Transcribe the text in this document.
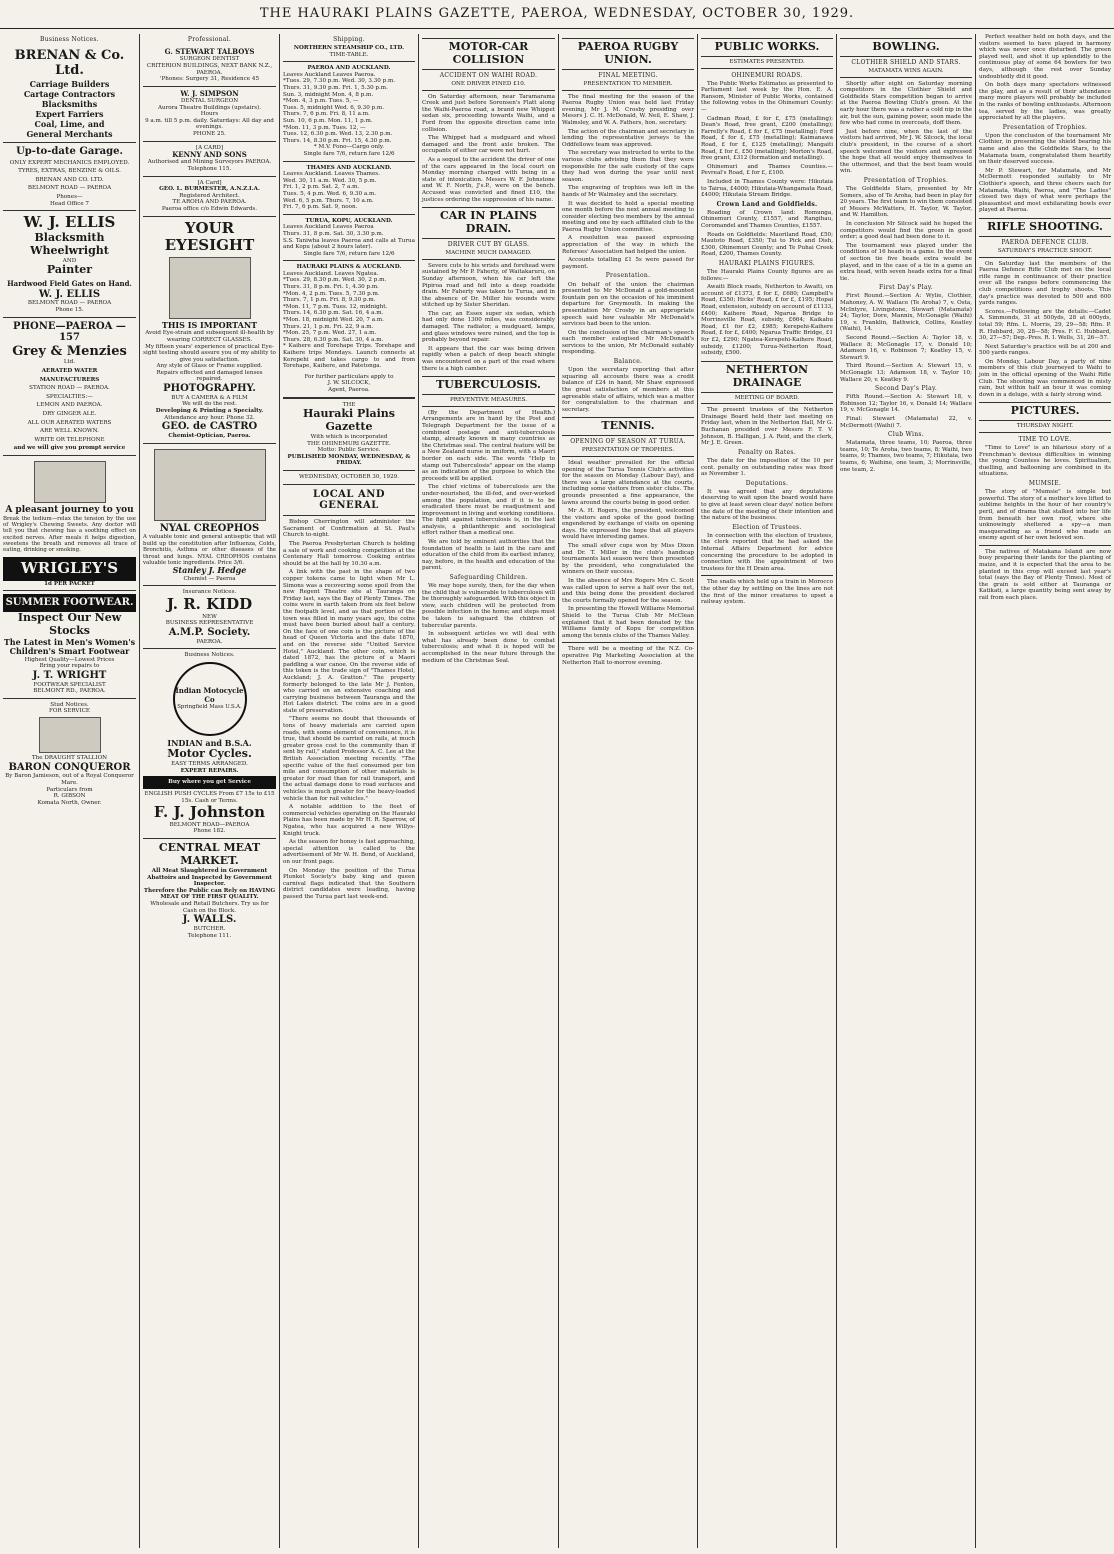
THE HAURAKI PLAINS GAZETTE, PAEROA, WEDNESDAY, OCTOBER 30, 1929.
Business Notices.
BRENAN & Co. Ltd.
Carriage Builders
Cartage Contractors
Blacksmiths
Expert Farriers
Coal, Lime, and
General Merchants
Up-to-date Garage.
ONLY EXPERT MECHANICS EMPLOYED.
TYRES, EXTRAS, BENZINE & OILS.
BRENAN AND CO. LTD.
BELMONT ROAD — PAEROA
Phones—
Head Office 7
W. J. ELLIS
Blacksmith
Wheelwright
AND
Painter
Hardwood Field Gates on Hand.
W. J. ELLIS
BELMONT ROAD — PAEROA
Phone 15.
PHONE—PAEROA —157
Grey & Menzies
Ltd.
AERATED WATER
MANUFACTURERS
STATION ROAD — PAEROA.
SPECIALTIES:—
LEMON AND PAEROA.
DRY GINGER ALE.
ALL OUR AERATED WATERS
ARE WELL KNOWN.
WRITE OR TELEPHONE
and we will give you prompt service
A pleasant journey to you
Break the tedium—relax the tension by the use of Wrigley's Chewing Sweets. Any doctor will tell you that chewing has a soothing effect on excited nerves. After meals it helps digestion, sweetens the breath and removes all trace of eating, drinking or smoking.
WRIGLEY'S
1d PER PACKET
SUMMER FOOTWEAR.
Inspect Our New Stocks
The Latest in Men's Women's Children's Smart Footwear
Highest Quality—Lowest Prices
Bring your repairs to
J. T. WRIGHT
FOOTWEAR SPECIALIST
BELMONT RD., PAEROA.
Stud Notices.
FOR SERVICE
The DRAUGHT STALLION
BARON CONQUEROR
By Baron Jamieson, out of a Royal Conqueror Mare.
Particulars from
R. GIBSON
Komata North, Owner.
Professional.
G. STEWART TALBOYS
SURGEON DENTIST
CRITERION BUILDINGS, NEXT BANK N.Z., PAEROA.
'Phones: Surgery 31, Residence 45
W. J. SIMPSON
DENTAL SURGEON
Aurora Theatre Buildings (upstairs).
Hours
9 a.m. till 5 p.m. daily. Saturdays: All day and evenings.
PHONE 25.
[A CARD]
KENNY AND SONS
Authorised and Mining Surveyors PAEROA.
Telephone 115.
[A Card]
GEO. L. BURMESTER, A.N.Z.I.A.
Registered Architect.
TE AROHA AND PAEROA.
Paeroa office c/o Edwin Edwards.
YOUR EYESIGHT
THIS IS IMPORTANT
Avoid Eye-strain and subsequent ill-health by wearing CORRECT GLASSES.
My fifteen years' experience of practical Eye-sight testing should assure you of my ability to give you satisfaction.
Any style of Glass or Frame supplied.
Repairs effected and damaged lenses repaired.
PHOTOGRAPHY.
BUY A CAMERA & A FILM
We will do the rest.
Developing & Printing a Specialty.
Attendance any hour. Phone 32.
GEO. de CASTRO
Chemist-Optician, Paeroa.
NYAL CREOPHOS
A valuable tonic and general antiseptic that will build up the constitution after Influenza, Colds, Bronchitis, Asthma or other diseases of the throat and lungs. NYAL CREOPHOS contains valuable tonic ingredients. Price 3/6.
Stanley J. Hedge
Chemist — Paeroa
Insurance Notices.
J. R. KIDD
NEW
BUSINESS REPRESENTATIVE
A.M.P. Society.
PAEROA.
Business Notices.
Indian Motocycle Co
Springfield Mass U.S.A.
INDIAN and B.S.A.
Motor Cycles.
EASY TERMS ARRANGED.
EXPERT REPAIRS.
Buy where you get Service
ENGLISH PUSH CYCLES From £7 15s to £15 15s. Cash or Terms.
F. J. Johnston
BELMONT ROAD—PAEROA
Phone 182.
CENTRAL MEAT MARKET.
All Meat Slaughtered in Government Abattoirs and Inspected by Government Inspector.
Therefore the Public can Rely on HAVING MEAT OF THE FIRST QUALITY.
Wholesale and Retail Butchers. Try us for Cash on the Block.
J. WALLS.
BUTCHER.
Telephone 111.
Shipping.
NORTHERN STEAMSHIP CO., LTD.
TIME-TABLE.
PAEROA AND AUCKLAND.
Leaves Auckland Leaves Paeroa.
*Tues. 29, 7.30 p.m. Wed. 30, 3.30 p.m.
Thurs. 31, 9.30 p.m. Fri. 1, 5.30 p.m.
Sun. 3, midnight Mon. 4, 8 p.m.
*Mon. 4, 3 p.m. Tues. 5, —
Tues. 5, midnight Wed. 6, 9.30 p.m.
Thurs. 7, 6 p.m. Fri. 8, 11 a.m.
Sun. 10, 6 p.m. Mon. 11, 1 p.m.
*Mon. 11, 3 p.m. Tues. 12, —
Tues. 12, 6.30 p.m. Wed. 13, 2.30 p.m.
Thurs. 14, 8.30 p.m. Fri. 15, 4.30 p.m.
* M.V. Fono—Cargo only.
Single fare 7/6, return fare 12/6
THAMES AND AUCKLAND.
Leaves Auckland. Leaves Thames.
Wed. 30, 11 a.m. Wed. 30, 5 p.m.
Fri. 1, 2 p.m. Sat. 2, 7 a.m.
Tues. 5, 4 p.m. Wed. 6, 9.30 a.m.
Wed. 6, 5 p.m. Thurs. 7, 10 a.m.
Fri. 7, 6 p.m. Sat. 9, noon.
TURUA, KOPU, AUCKLAND.
Leaves Auckland Leaves Paeroa
Thurs. 31, 8 p.m. Sat. 30, 3.30 p.m.
S.S. Taniwha leaves Paeroa and calls at Turua and Kopu (about 2 hours later).
Single fare 7/6, return fare 12/6
HAURAKI PLAINS & AUCKLAND.
Leaves Auckland. Leaves Ngatea.
*Tues. 29, 8.30 p.m. Wed. 30, 2 p.m.
Thurs. 31, 8 p.m. Fri. 1, 4.30 p.m.
*Mon. 4, 2 p.m. Tues. 5, 7.30 p.m.
Thurs. 7, 1 p.m. Fri. 8, 9.30 p.m.
*Mon. 11, 7 p.m. Tues. 12, midnight.
Thurs. 14, 6.30 p.m. Sat. 16, 4 a.m.
*Mon. 18, midnight Wed. 20, 7 a.m.
Thurs. 21, 1 p.m. Fri. 22, 9 a.m.
*Mon. 25, 7 p.m. Wed. 27, 1 a.m.
Thurs. 28, 6.30 p.m. Sat. 30, 4 a.m.
* Kaihere and Torehape Trips. Torehape and Kaihere trips Mondays. Launch connects at Kerepehi and takes cargo to and from Torehape, Kaihere, and Patetonga.
For further particulars apply to
J. W. SILCOCK,
Agent, Paeroa.
THE
Hauraki Plains Gazette
With which is incorporated
THE OHINEMURI GAZETTE.
Motto: Public Service.
PUBLISHED MONDAY, WEDNESDAY, & FRIDAY.
WEDNESDAY, OCTOBER 30, 1929.
LOCAL AND GENERAL

Bishop Cherrington will administer the Sacrament of Confirmation at St. Paul's Church to-night.

The Paeroa Presbyterian Church is holding a sale of work and cooking competition at the Centenary Hall tomorrow. Cooking entries should be at the hall by 10.30 a.m.

A link with the past in the shape of two copper tokens came to light when Mr L. Simons was a recovering some spoil from the new Regent Theatre site at Tauranga on Friday last, says the Bay of Plenty Times. The coins were in earth taken from six feet below the footpath level, and as that portion of the town was filled in many years ago, the coins must have been buried about half a century. On the face of one coin is the picture of the head of Queen Victoria and the date 1870, and on the reverse side "United Service Hotel," Auckland. The other coin, which is dated 1872, has the picture of a Maori paddling a war canoe. On the reverse side of this token is the trade sign of "Thames Hotel, Auckland; J. A. Gratton." The property formerly belonged to the late Mr J. Fenton, who carried on an extensive coaching and carrying business between Tauranga and the Hot Lakes district. The coins are in a good state of preservation.

"There seems no doubt that thousands of tons of heavy materials are carried upon roads, with some element of convenience, it is true, that should be carried on rails, at much greater gross cost to the community than if sent by rail," stated Professor A. C. Lee at the British Association meeting recently. "The specific value of the fuel consumed per ton mile and consumption of other materials is greater for road than for rail transport, and the actual damage done to road surfaces and vehicles is much greater for the heavy-loaded vehicle than for rail vehicles."

A notable addition to the fleet of commercial vehicles operating on the Hauraki Plains has been made by Mr H. R. Sparrow, of Ngatea, who has acquired a new Willys-Knight truck.

As the season for honey is fast approaching, special attention is called to the advertisement of Mr W. H. Bond, of Auckland, on our front page.

On Monday the position of the Turua Plunket Society's baby king and queen carnival flags indicated that the Southern district candidates were leading, having passed the Turua part last week-end.

MOTOR-CAR COLLISION
ACCIDENT ON WAIHI ROAD.
ONE DRIVER FINED £10.

On Saturday afternoon, near Taramarama Creek and just before Sorensen's Flatt along the Waihi-Paeroa road, a brand new Whippet sedan six, proceeding towards Waihi, and a Ford from the opposite direction came into collision.

The Whippet had a mudguard and wheel damaged and the front axle broken. The occupants of either car were not hurt.

As a sequel to the accident the driver of one of the cars appeared in the local court on Monday morning charged with being in a state of intoxication. Messrs W. F. Johnstone and W. F. North, J's.P., were on the bench. Accused was convicted and fined £10, the justices ordering the suppression of his name.

CAR IN PLAINS DRAIN.
DRIVER CUT BY GLASS.
MACHINE MUCH DAMAGED.

Severe cuts to his wrists and forehead were sustained by Mr P. Faherty, of Waitakaruru, on Sunday afternoon, when his car left the Pipiroa road and fell into a deep roadside drain. Mr Faherty was taken to Turua, and in the absence of Dr. Miller his wounds were stitched up by Sister Sheridan.

The car, an Essex super six sedan, which had only done 1300 miles, was considerably damaged. The radiator, a mudguard, lamps, and glass windows were ruined, and the top is probably beyond repair.

It appears that the car was being driven rapidly when a patch of deep beach shingle was encountered on a part of the road where there is a high camber.

TUBERCULOSIS.
PREVENTIVE MEASURES.

(By the Department of Health.) Arrangements are in hand by the Post and Telegraph Department for the issue of a combined postage and anti-tuberculosis stamp, already known in many countries as the Christmas seal. The central feature will be a New Zealand nurse in uniform, with a Maori border on each side. The words "Help to stamp out Tuberculosis" appear on the stamp as an indication of the purpose to which the proceeds will be applied.

The chief victims of tuberculosis are the under-nourished, the ill-fed, and over-worked among the population, and if it is to be eradicated there must be readjustment and improvement in living and working conditions. The fight against tuberculosis is, in the last analysis, a philanthropic and sociological effort rather than a medical one.

We are told by eminent authorities that the foundation of health is laid in the care and education of the child from its earliest infancy, nay, before, in the health and education of the parent.

Safeguarding Children.

We may hope surely, then, for the day when the child that is vulnerable to tuberculosis will be thoroughly safeguarded. With this object in view, such children will be protected from possible infection in the home; and steps must be taken to safeguard the children of tubercular parents.

In subsequent articles we will deal with what has already been done to combat tuberculosis; and what it is hoped will be accomplished in the near future through the medium of the Christmas Seal.

PAEROA RUGBY UNION.
FINAL MEETING.
PRESENTATION TO MEMBER.

The final meeting for the season of the Paeroa Rugby Union was held last Friday evening, Mr J. M. Crosby presiding over Messrs J. C. H. McDonald, W. Neil, E. Shaw, J. Walmsley, and W. A. Fathers, hon. secretary.

The action of the chairman and secretary in lending the representative jerseys to the Oddfellows team was approved.

The secretary was instructed to write to the various clubs advising them that they were responsible for the safe custody of the caps they had won during the year until next season.

The engraving of trophies was left in the hands of Mr Walmsley and the secretary.

It was decided to hold a special meeting one month before the next annual meeting to consider electing two members by the annual meeting and one by each affiliated club to the Paeroa Rugby Union committee.

A resolution was passed expressing appreciation of the way in which the Referees' Association had helped the union.

Accounts totalling £1 5s were passed for payment.

Presentation.

On behalf of the union the chairman presented to Mr McDonald a gold-mounted fountain pen on the occasion of his imminent departure for Greymouth. In making the presentation Mr Crosby in an appropriate speech said how valuable Mr McDonald's services had been to the union.

On the conclusion of the chairman's speech each member eulogised Mr McDonald's services to the union, Mr McDonald suitably responding.

Balance.

Upon the secretary reporting that after squaring all accounts there was a credit balance of £24 in hand, Mr Shaw expressed the great satisfaction of members at this agreeable state of affairs, which was a matter for congratulation to the chairman and secretary.

TENNIS.
OPENING OF SEASON AT TURUA.
PRESENTATION OF TROPHIES.

Ideal weather prevailed for the official opening of the Turua Tennis Club's activities for the season on Monday (Labour Day), and there was a large attendance at the courts, including some visitors from sister clubs. The grounds presented a fine appearance, the lawns around the courts being in good order.

Mr A. H. Rogers, the president, welcomed the visitors and spoke of the good feeling engendered by exchange of visits on opening days. He expressed the hope that all players would have interesting games.

The small silver cups won by Miss Dixon and Dr. T. Miller in the club's handicap tournaments last season were then presented by the president, who congratulated the winners on their success.

In the absence of Mrs Rogers Mrs C. Scott was called upon to serve a half over the net, and this being done the president declared the courts formally opened for the season.

In presenting the Howell Williams Memorial Shield to the Turua Club Mr McClean explained that it had been donated by the Williams family of Kopu for competition among the tennis clubs of the Thames Valley.

There will be a meeting of the N.Z. Co-operative Pig Marketing Association at the Netherton Hall to-morrow evening.

PUBLIC WORKS.
ESTIMATES PRESENTED.
OHINEMURI ROADS.

The Public Works Estimates as presented to Parliament last week by the Hon. E. A. Ransom, Minister of Public Works, contained the following votes in the Ohinemuri County:—

Cadman Road, £ for £, £75 (metalling); Dean's Road, free grant, £200 (metalling); Farrelly's Road, £ for £, £75 (metalling); Ford Road, £ for £, £75 (metalling); Kaimanawa Road, £ for £, £125 (metalling); Mangaiti Road, £ for £, £50 (metalling); Morton's Road, free grant, £312 (formation and metalling).

Ohinemuri and Thames Counties.—Pevreal's Road, £ for £, £100.

Included in Thames County were: Hikutaia to Tairua, £4000; Hikutaia-Whangamata Road, £4000; Hikutaia Stream Bridge.

Crown Land and Goldfields.

Roading of Crown land: Romunga, Ohinemuri County, £1557, and Rangihau, Coromandel and Thames Counties, £1557.

Roads on Goldfields: Maoriland Road, £50; Mautoto Road, £350; Tui to Pick and Dish, £300, Ohinemuri County; and Te Puhai Creek Road, £200, Thames County.

HAURAKI PLAINS FIGURES.

The Hauraki Plains County figures are as follows:—

Awaiti Block roads, Netherton to Awaiti, on account of £1373, £ for £, £680; Campbell's Road, £350; Hicks' Road, £ for £, £195; Hopai Road, extension, subsidy on account of £1133, £400; Kaihere Road, Ngarua Bridge to Morrinsville Road, subsidy, £664; Kaikahu Road, £1 for £2, £985; Kerepehi-Kaihere Road, £ for £, £400; Ngarua Traffic Bridge, £1 for £2, £290; Ngatea-Kerepehi-Kaihere Road, subsidy, £1200; Turua-Netherton Road, subsidy, £500.

NETHERTON DRAINAGE
MEETING OF BOARD.

The present trustees of the Netherton Drainage Board held their last meeting on Friday last, when in the Netherton Hall, Mr G. Buchanan presided over Messrs F. T. V. Johnson, B. Halligan, J. A. Reid, and the clerk, Mr J. E. Green.

Penalty on Rates.

The date for the imposition of the 10 per cent. penalty on outstanding rates was fixed as November 1.

Deputations.

It was agreed that any deputations deserving to wait upon the board would have to give at least seven clear days' notice before the date of the meeting of their intention and the nature of the business.

Election of Trustees.

In connection with the election of trustees, the clerk reported that he had asked the Internal Affairs Department for advice concerning the procedure to be adopted in connection with the appointment of two trustees for the H Drain area.

The snails which held up a train in Morocco the other day by settling on the lines are not the first of the minor creatures to upset a railway system.

BOWLING.
CLOTHIER SHIELD AND STARS.
MATAMATA WINS AGAIN.

Shortly after eight on Saturday morning competitors in the Clothier Shield and Goldfields Stars competition began to arrive at the Paeroa Bowling Club's green. At the early hour there was a rather a cold nip in the air, but the sun, gaining power, soon made the few who had come in overcoats, doff them.

Just before nine, when the last of the visitors had arrived, Mr J. W. Silcock, the local club's president, in the course of a short speech welcomed the visitors and expressed the hope that all would enjoy themselves to the uttermost, and that the best team would win.

Presentation of Trophies.

The Goldfields Stars, presented by Mr Somers, also of Te Aroha, had been in play for 20 years. The first team to win them consisted of Messrs McWatters, H. Taylor, W. Taylor, and W. Hamilton.

In conclusion Mr Silcock said he hoped the competitors would find the green in good order; a good deal had been done to it.

The tournament was played under the conditions of 16 heads in a game. In the event of section tie five heads extra would be played, and in the case of a tie in a game an extra head, with seven heads extra for a final tie.

First Day's Play.

First Round.—Section A: Wylie, Clothier, Mahoney, A. W. Wallace (Te Aroha) 7, v. Osta, McIntyre, Livingstone, Stewart (Matamata) 24; Taylor, Dore, Mannix, McGonagle (Waihi) 19, v. Franklin, Bathwick, Collins, Keatley (Waihi), 14.

Second Round.—Section A: Taylor 18, v. Wallace 8; McGonagle 17, v. Donald 10; Adamson 16, v. Robinson 7; Keatley 15, v. Stewart 9.

Third Round.—Section A: Stewart 15, v. McGonagle 13; Adamson 18, v. Taylor 10; Wallace 20, v. Keatley 9.

Second Day's Play.

Fifth Round.—Section A: Stewart 18, v. Robinson 12; Taylor 16, v. Donald 14; Wallace 19, v. McGonagle 14.

Final: Stewart (Matamata) 22, v. McDermott (Waihi) 7.

Club Wins.

Matamata, three teams, 10; Paeroa, three teams, 10; Te Aroha, two teams, 8; Waihi, two teams, 9; Thames, two teams, 7; Hikutaia, two teams, 6; Waihine, one team, 3; Morrinsville, one team, 2.

Perfect weather held on both days, and the visitors seemed to have played in harmony which was never once disturbed. The green played well, and shot it up splendidly to the continuous play of some 64 bowlers for two days, although the rest over Sunday undoubtedly did it good.

On both days many spectators witnessed the play, and as a result of their attendance many more players will probably be included in the ranks of bowling enthusiasts. Afternoon tea, served by the ladies, was greatly appreciated by all the players.

Presentation of Trophies.

Upon the conclusion of the tournament Mr Clothier, in presenting the shield bearing his name and also the Goldfields Stars, to the Matamata team, congratulated them heartily on their deserved success.

Mr P. Stewart, for Matamata, and Mr McDermott responded suitably to Mr Clothier's speech, and three cheers each for Matamata, Waihi, Paeroa, and "The Ladies" closed two days of what were perhaps the pleasantest and most exhilarating bowls ever played at Paeroa.

RIFLE SHOOTING.
PAEROA DEFENCE CLUB.
SATURDAY'S PRACTICE SHOOT.

On Saturday last the members of the Paeroa Defence Rifle Club met on the local rifle range in continuance of their practice over all the ranges before commencing the club competitions and trophy shoots. This day's practice was devoted to 500 and 600 yards ranges.

Scores.—Following are the details:—Cadet A. Simmonds, 31 at 500yds, 28 at 600yds, total 59; Rfm. L. Morris, 29, 29—58; Rfm. P. R. Hubbard, 30, 28—58; Pres. F. C. Hubbard, 30, 27—57; Dep.-Pres. R. I. Wells, 31, 26—57.

Next Saturday's practice will be at 200 and 500 yards ranges.

On Monday, Labour Day, a party of nine members of this club journeyed to Waihi to join in the official opening of the Waihi Rifle Club. The shooting was commenced in misty rain, but within half an hour it was coming down in a deluge, with a fairly strong wind.

PICTURES.
THURSDAY NIGHT.
TIME TO LOVE.

"Time to Love" is an hilarious story of a Frenchman's devious difficulties in winning the young Countess he loves. Spiritualism, duelling, and ballooning are combined in its situations.

MUMSIE.

The story of "Mumsie" is simple but powerful. The story of a mother's love lifted to sublime heights in the hour of her country's peril, and of drama that stalked into her life from beneath her own roof, where she unknowingly sheltered a spy—a man masquerading as a friend who made an enemy agent of her own beloved son.

The natives of Matakana Island are now busy preparing their lands for the planting of maize, and it is expected that the area to be planted in this crop will exceed last year's total (says the Bay of Plenty Times). Most of the grain is sold either at Tauranga or Katikati, a large quantity being sent away by rail from each place.
